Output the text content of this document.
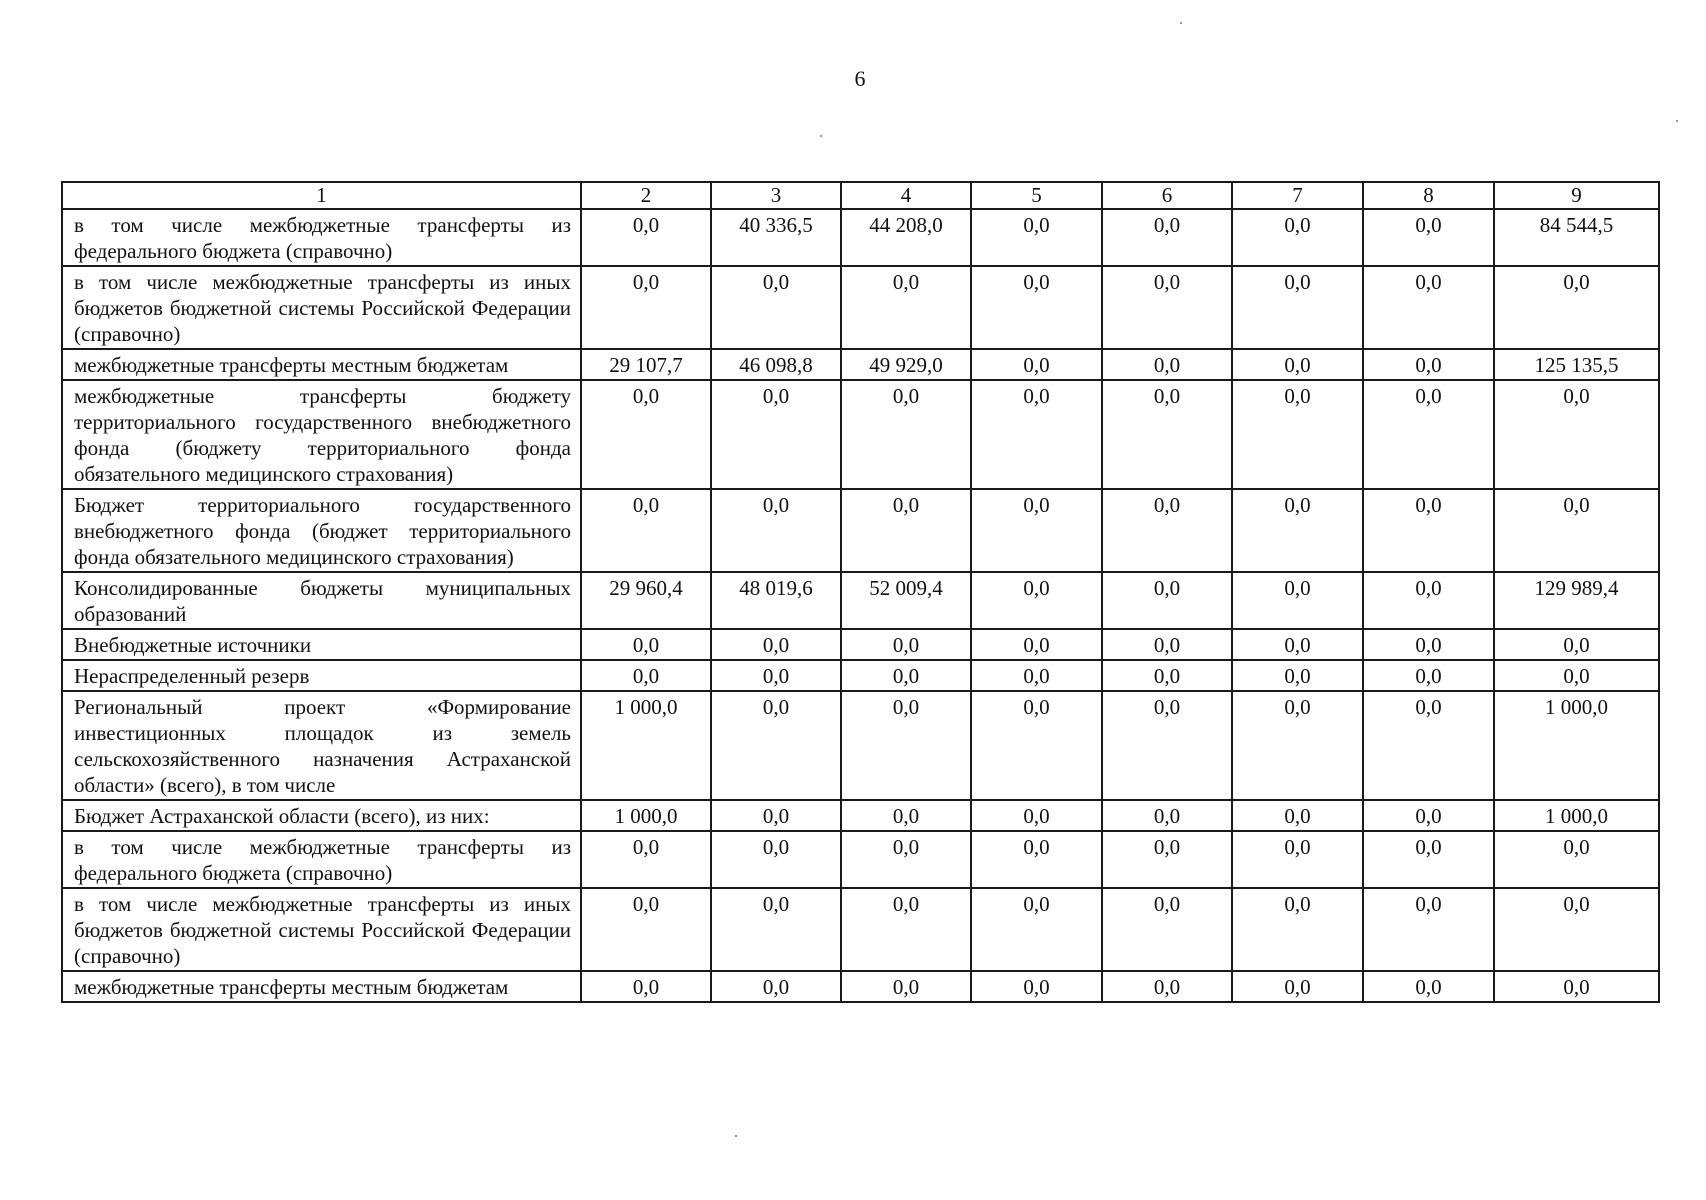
6
1	2	3	4	5	6	7	8	9
в том числе межбюджетные трансферты из федерального бюджета (справочно)	0,0	40 336,5	44 208,0	0,0	0,0	0,0	0,0	84 544,5
в том числе межбюджетные трансферты из иных бюджетов бюджетной системы Российской Федерации (справочно)	0,0	0,0	0,0	0,0	0,0	0,0	0,0	0,0
межбюджетные трансферты местным бюджетам	29 107,7	46 098,8	49 929,0	0,0	0,0	0,0	0,0	125 135,5
межбюджетные трансферты бюджету территориального государственного внебюджетного фонда (бюджету территориального фонда обязательного медицинского страхования)	0,0	0,0	0,0	0,0	0,0	0,0	0,0	0,0
Бюджет территориального государственного внебюджетного фонда (бюджет территориального фонда обязательного медицинского страхования)	0,0	0,0	0,0	0,0	0,0	0,0	0,0	0,0
Консолидированные бюджеты муниципальных образований	29 960,4	48 019,6	52 009,4	0,0	0,0	0,0	0,0	129 989,4
Внебюджетные источники	0,0	0,0	0,0	0,0	0,0	0,0	0,0	0,0
Нераспределенный резерв	0,0	0,0	0,0	0,0	0,0	0,0	0,0	0,0
Региональный проект «Формирование инвестиционных площадок из земель сельскохозяйственного назначения Астраханской области» (всего), в том числе	1 000,0	0,0	0,0	0,0	0,0	0,0	0,0	1 000,0
Бюджет Астраханской области (всего), из них:	1 000,0	0,0	0,0	0,0	0,0	0,0	0,0	1 000,0
в том числе межбюджетные трансферты из федерального бюджета (справочно)	0,0	0,0	0,0	0,0	0,0	0,0	0,0	0,0
в том числе межбюджетные трансферты из иных бюджетов бюджетной системы Российской Федерации (справочно)	0,0	0,0	0,0	0,0	0,0	0,0	0,0	0,0
межбюджетные трансферты местным бюджетам	0,0	0,0	0,0	0,0	0,0	0,0	0,0	0,0
